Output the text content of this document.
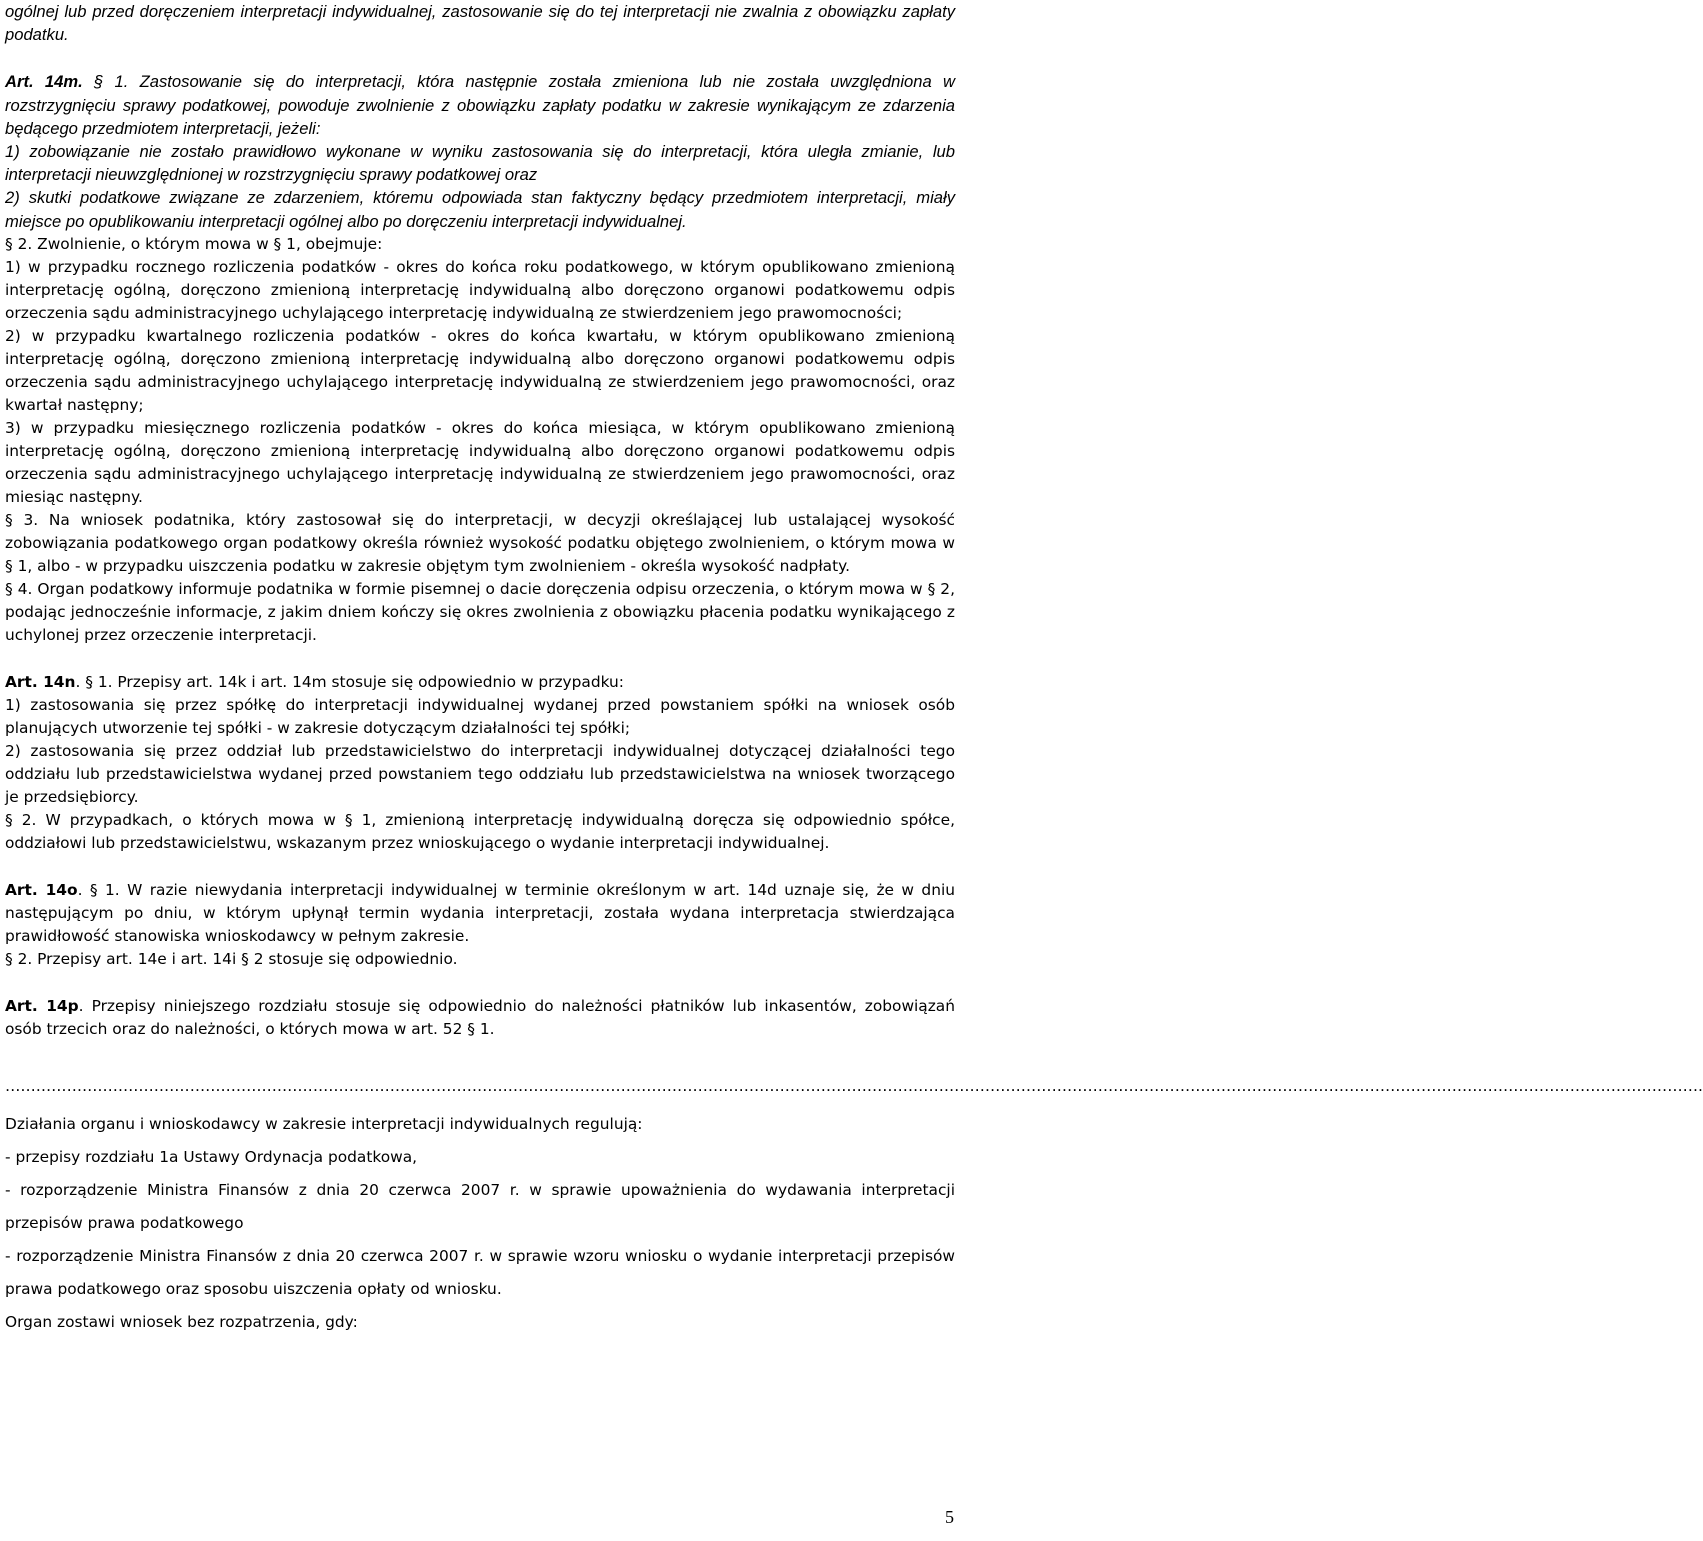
ogólnej lub przed doręczeniem interpretacji indywidualnej, zastosowanie się do tej interpretacji nie zwalnia z obowiązku zapłaty podatku.

Art. 14m. § 1. Zastosowanie się do interpretacji, która następnie została zmieniona lub nie została uwzględniona w rozstrzygnięciu sprawy podatkowej, powoduje zwolnienie z obowiązku zapłaty podatku w zakresie wynikającym ze zdarzenia będącego przedmiotem interpretacji, jeżeli:

1) zobowiązanie nie zostało prawidłowo wykonane w wyniku zastosowania się do interpretacji, która uległa zmianie, lub interpretacji nieuwzględnionej w rozstrzygnięciu sprawy podatkowej oraz

2) skutki podatkowe związane ze zdarzeniem, któremu odpowiada stan faktyczny będący przedmiotem interpretacji, miały miejsce po opublikowaniu interpretacji ogólnej albo po doręczeniu interpretacji indywidualnej.

§ 2. Zwolnienie, o którym mowa w § 1, obejmuje:

1) w przypadku rocznego rozliczenia podatków - okres do końca roku podatkowego, w którym opublikowano zmienioną interpretację ogólną, doręczono zmienioną interpretację indywidualną albo doręczono organowi podatkowemu odpis orzeczenia sądu administracyjnego uchylającego interpretację indywidualną ze stwierdzeniem jego prawomocności;

2) w przypadku kwartalnego rozliczenia podatków - okres do końca kwartału, w którym opublikowano zmienioną interpretację ogólną, doręczono zmienioną interpretację indywidualną albo doręczono organowi podatkowemu odpis orzeczenia sądu administracyjnego uchylającego interpretację indywidualną ze stwierdzeniem jego prawomocności, oraz kwartał następny;

3) w przypadku miesięcznego rozliczenia podatków - okres do końca miesiąca, w którym opublikowano zmienioną interpretację ogólną, doręczono zmienioną interpretację indywidualną albo doręczono organowi podatkowemu odpis orzeczenia sądu administracyjnego uchylającego interpretację indywidualną ze stwierdzeniem jego prawomocności, oraz miesiąc następny.

§ 3. Na wniosek podatnika, który zastosował się do interpretacji, w decyzji określającej lub ustalającej wysokość zobowiązania podatkowego organ podatkowy określa również wysokość podatku objętego zwolnieniem, o którym mowa w § 1, albo - w przypadku uiszczenia podatku w zakresie objętym tym zwolnieniem - określa wysokość nadpłaty.

§ 4. Organ podatkowy informuje podatnika w formie pisemnej o dacie doręczenia odpisu orzeczenia, o którym mowa w § 2, podając jednocześnie informacje, z jakim dniem kończy się okres zwolnienia z obowiązku płacenia podatku wynikającego z uchylonej przez orzeczenie interpretacji.

Art. 14n. § 1. Przepisy art. 14k i art. 14m stosuje się odpowiednio w przypadku:

1) zastosowania się przez spółkę do interpretacji indywidualnej wydanej przed powstaniem spółki na wniosek osób planujących utworzenie tej spółki - w zakresie dotyczącym działalności tej spółki;

2) zastosowania się przez oddział lub przedstawicielstwo do interpretacji indywidualnej dotyczącej działalności tego oddziału lub przedstawicielstwa wydanej przed powstaniem tego oddziału lub przedstawicielstwa na wniosek tworzącego je przedsiębiorcy.

§ 2. W przypadkach, o których mowa w § 1, zmienioną interpretację indywidualną doręcza się odpowiednio spółce, oddziałowi lub przedstawicielstwu, wskazanym przez wnioskującego o wydanie interpretacji indywidualnej.

Art. 14o. § 1. W razie niewydania interpretacji indywidualnej w terminie określonym w art. 14d uznaje się, że w dniu następującym po dniu, w którym upłynął termin wydania interpretacji, została wydana interpretacja stwierdzająca prawidłowość stanowiska wnioskodawcy w pełnym zakresie.

§ 2. Przepisy art. 14e i art. 14i § 2 stosuje się odpowiednio.

Art. 14p. Przepisy niniejszego rozdziału stosuje się odpowiednio do należności płatników lub inkasentów, zobowiązań osób trzecich oraz do należności, o których mowa w art. 52 § 1.

…………………………………………………………………………………………………………………………………………………………………………………………………………………………………………………………………………………………………….

Działania organu i wnioskodawcy w zakresie interpretacji indywidualnych regulują:

- przepisy rozdziału 1a Ustawy Ordynacja podatkowa,

- rozporządzenie Ministra Finansów z dnia 20 czerwca 2007 r. w sprawie upoważnienia do wydawania interpretacji przepisów prawa podatkowego

- rozporządzenie Ministra Finansów z dnia 20 czerwca 2007 r. w sprawie wzoru wniosku o wydanie interpretacji przepisów prawa podatkowego oraz sposobu uiszczenia opłaty od wniosku.

Organ zostawi wniosek bez rozpatrzenia, gdy:

5
